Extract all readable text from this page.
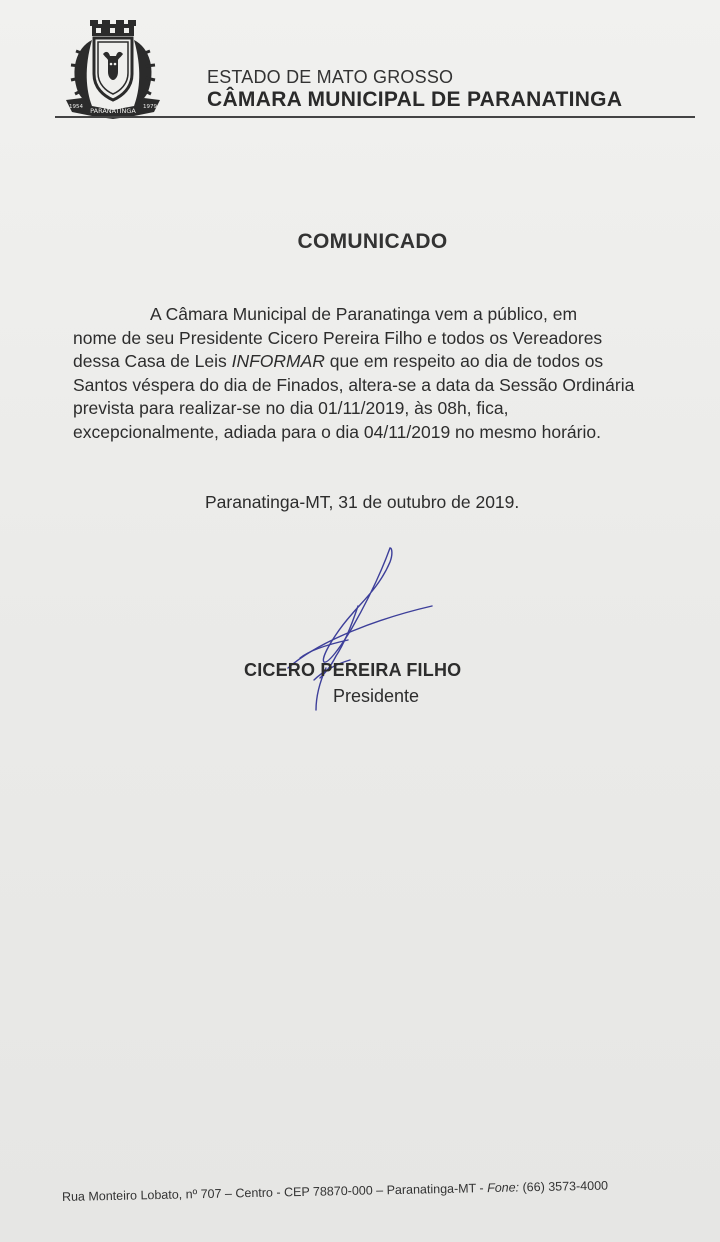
PARANATINGA
1954	1979
ESTADO DE MATO GROSSO
CÂMARA MUNICIPAL DE PARANATINGA
COMUNICADO
A Câmara Municipal de Paranatinga vem a público, em
nome de seu Presidente Cicero Pereira Filho e todos os Vereadores
dessa Casa de Leis INFORMAR que em respeito ao dia de todos os
Santos véspera do dia de Finados, altera-se a data da Sessão Ordinária
prevista para realizar-se no dia 01/11/2019, às 08h, fica,
excepcionalmente, adiada para o dia 04/11/2019 no mesmo horário.
Paranatinga-MT, 31 de outubro de 2019.
CICERO PEREIRA FILHO
Presidente
Rua Monteiro Lobato, nº 707 – Centro - CEP 78870-000 – Paranatinga-MT - Fone: (66) 3573-4000
